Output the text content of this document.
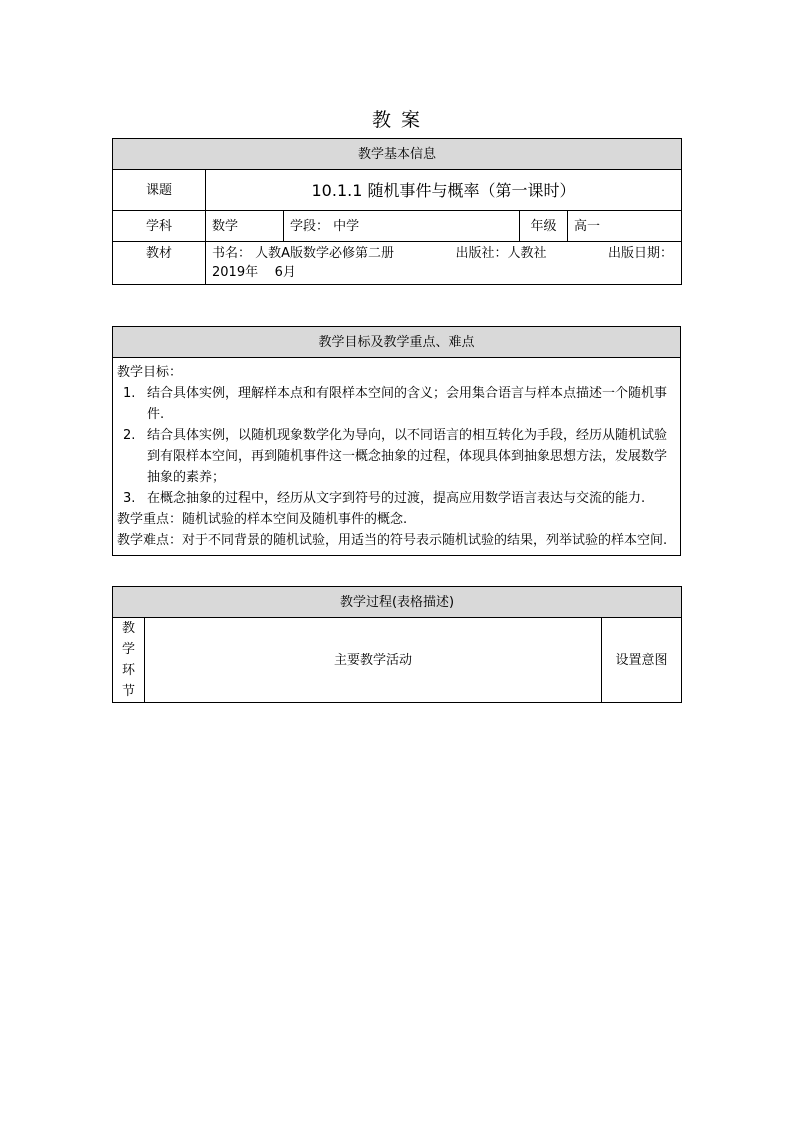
教 案
教学基本信息				
课题	10.1.1 随机事件与概率（第一课时）			
学科	数学	学段： 中学	年级	高一
教材	书名： 人教A版数学必修第二册 出版社：人教社 出版日期：
2019年    6月			
教学目标及教学重点、难点

教学目标：

1. 结合具体实例，理解样本点和有限样本空间的含义；会用集合语言与样本点描述一个随机事件.
2. 结合具体实例，以随机现象数学化为导向，以不同语言的相互转化为手段，经历从随机试验到有限样本空间，再到随机事件这一概念抽象的过程，体现具体到抽象思想方法，发展数学抽象的素养；
3. 在概念抽象的过程中，经历从文字到符号的过渡，提高应用数学语言表达与交流的能力.

教学重点：随机试验的样本空间及随机事件的概念.

教学难点：对于不同背景的随机试验，用适当的符号表示随机试验的结果，列举试验的样本空间.

教学过程(表格描述)

教
学
环
节
	主要教学活动	设置意图
